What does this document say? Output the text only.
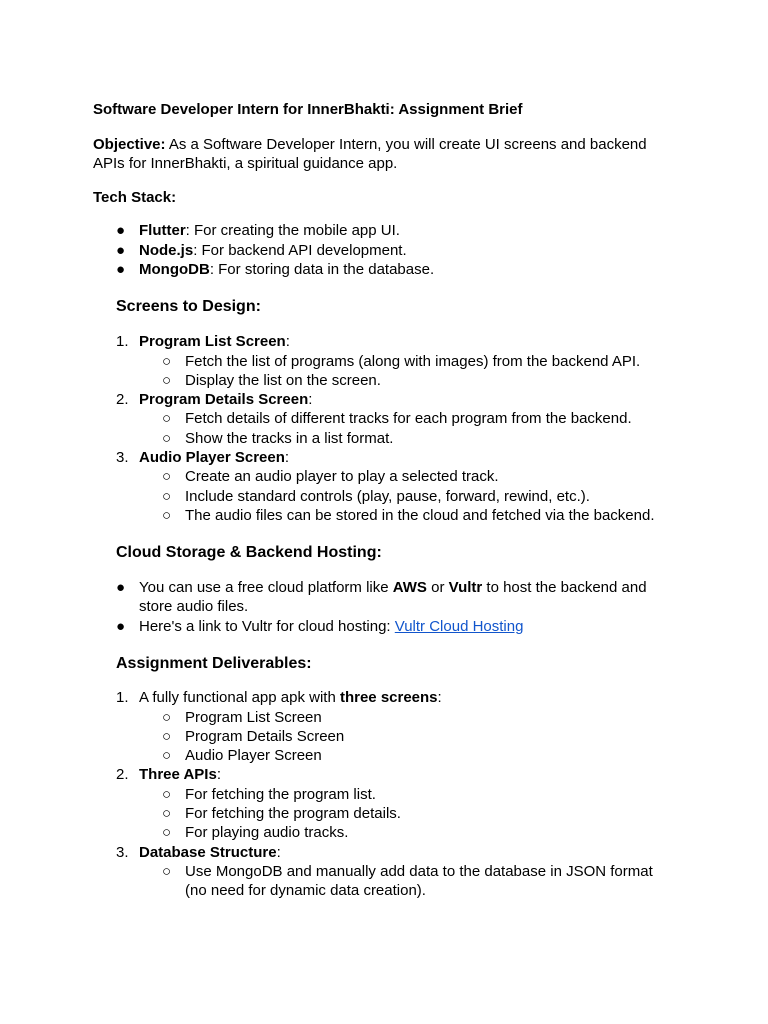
Software Developer Intern for InnerBhakti: Assignment Brief
Objective: As a Software Developer Intern, you will create UI screens and backend
APIs for InnerBhakti, a spiritual guidance app.
Tech Stack:
● Flutter: For creating the mobile app UI.
● Node.js: For backend API development.
● MongoDB: For storing data in the database.
Screens to Design:
1. Program List Screen:
○ Fetch the list of programs (along with images) from the backend API.
○ Display the list on the screen.
2. Program Details Screen:
○ Fetch details of different tracks for each program from the backend.
○ Show the tracks in a list format.
3. Audio Player Screen:
○ Create an audio player to play a selected track.
○ Include standard controls (play, pause, forward, rewind, etc.).
○ The audio files can be stored in the cloud and fetched via the backend.
Cloud Storage & Backend Hosting:
● You can use a free cloud platform like AWS or Vultr to host the backend and
store audio files.
● Here's a link to Vultr for cloud hosting: Vultr Cloud Hosting
Assignment Deliverables:
1. A fully functional app apk with three screens:
○ Program List Screen
○ Program Details Screen
○ Audio Player Screen
2. Three APIs:
○ For fetching the program list.
○ For fetching the program details.
○ For playing audio tracks.
3. Database Structure:
○ Use MongoDB and manually add data to the database in JSON format
(no need for dynamic data creation).
